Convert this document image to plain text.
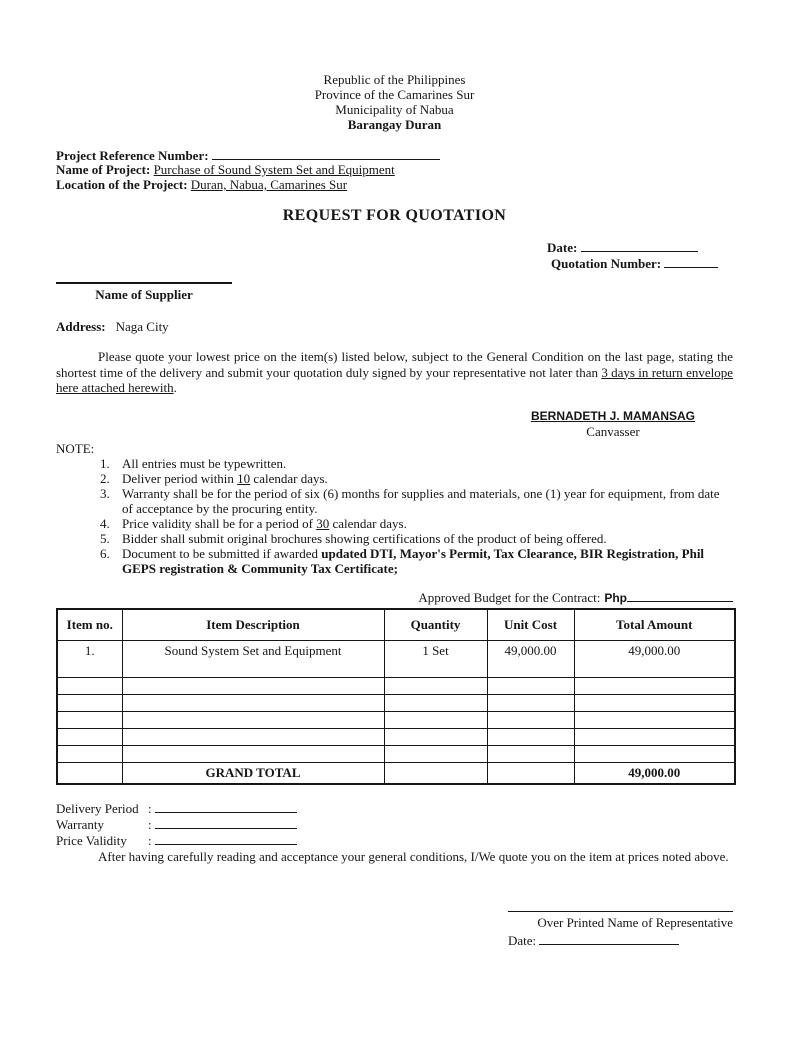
Republic of the Philippines
Province of the Camarines Sur
Municipality of Nabua
Barangay Duran
Project Reference Number:
Name of Project: Purchase of Sound System Set and Equipment
Location of the Project: Duran, Nabua, Camarines Sur
REQUEST FOR QUOTATION
Date:
Quotation Number:
Name of Supplier
Address: Naga City

Please quote your lowest price on the item(s) listed below, subject to the General Condition on the last page, stating the shortest time of the delivery and submit your quotation duly signed by your representative not later than 3 days in return envelope here attached herewith.

BERNADETH J. MAMANSAG
Canvasser
NOTE:
1. All entries must be typewritten.
2. Deliver period within 10 calendar days.
3. Warranty shall be for the period of six (6) months for supplies and materials, one (1) year for equipment, from date of acceptance by the procuring entity.
4. Price validity shall be for a period of 30 calendar days.
5. Bidder shall submit original brochures showing certifications of the product of being offered.
6. Document to be submitted if awarded updated DTI, Mayor's Permit, Tax Clearance, BIR Registration, Phil GEPS registration & Community Tax Certificate;
Approved Budget for the Contract: Php
Item no.	Item Description	Quantity	Unit Cost	Total Amount
1.	Sound System Set and Equipment	1 Set	49,000.00	49,000.00

	GRAND TOTAL			49,000.00
Delivery Period :
Warranty	:
Price Validity :

After having carefully reading and acceptance your general conditions, I/We quote you on the item at prices noted above.

Over Printed Name of Representative
Date:
